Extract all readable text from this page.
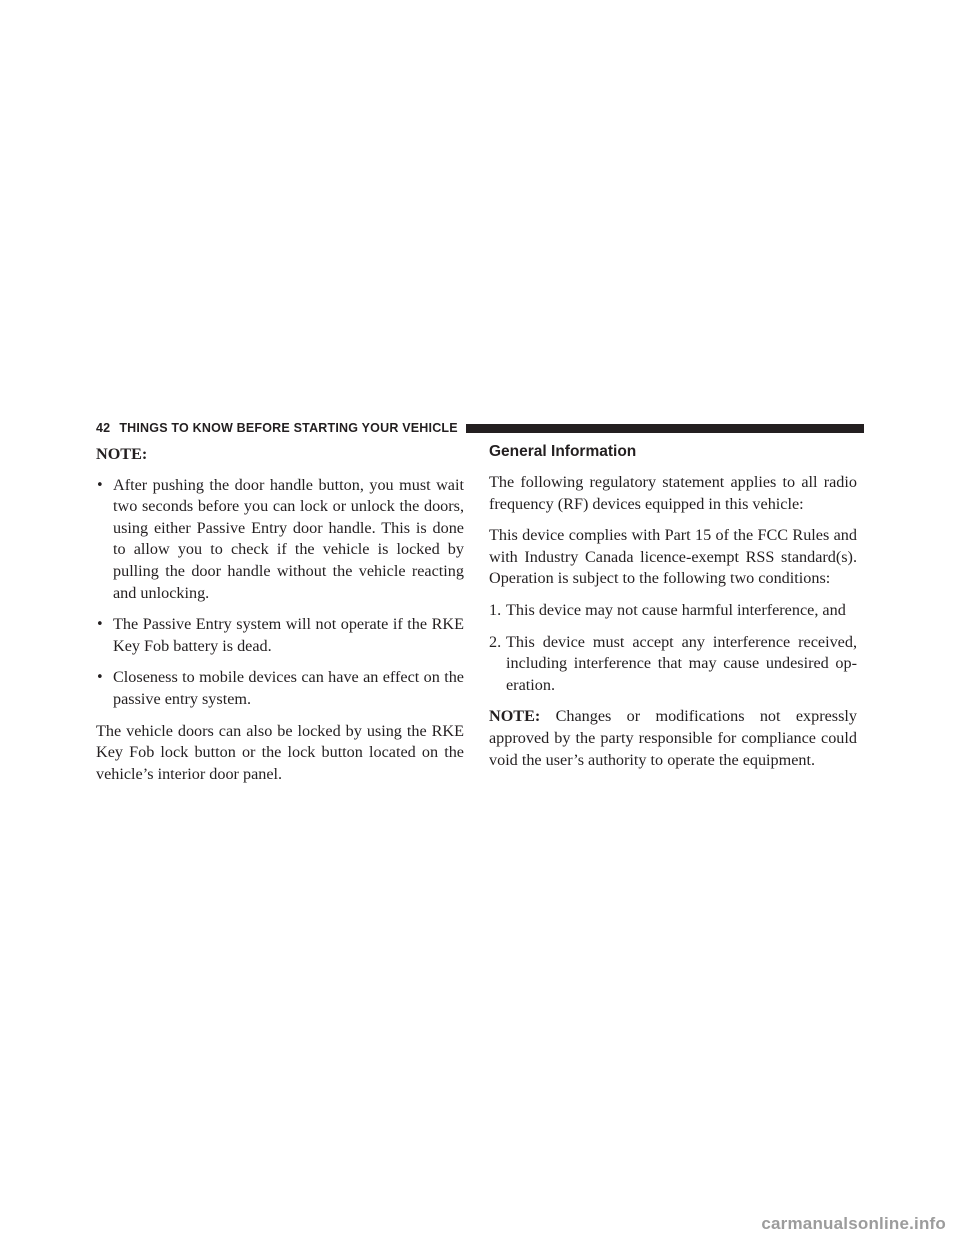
42 THINGS TO KNOW BEFORE STARTING YOUR VEHICLE

NOTE:

• After pushing the door handle button, you must wait two seconds before you can lock or unlock the doors, using either Passive Entry door handle. This is done to allow you to check if the vehicle is locked by pulling the door handle without the vehicle reacting and unlocking.
• The Passive Entry system will not operate if the RKE Key Fob battery is dead.
• Closeness to mobile devices can have an effect on the passive entry system.

The vehicle doors can also be locked by using the RKE Key Fob lock button or the lock button located on the vehicle’s interior door panel.

General Information

The following regulatory statement applies to all radio frequency (RF) devices equipped in this vehicle:

This device complies with Part 15 of the FCC Rules and with Industry Canada licence-exempt RSS standard(s). Operation is subject to the following two conditions:

1. This device may not cause harmful interference, and
2. This device must accept any interference received, including interference that may cause undesired op-eration.

NOTE: Changes or modifications not expressly approved by the party responsible for compliance could void the user’s authority to operate the equipment.

carmanualsonline.info
